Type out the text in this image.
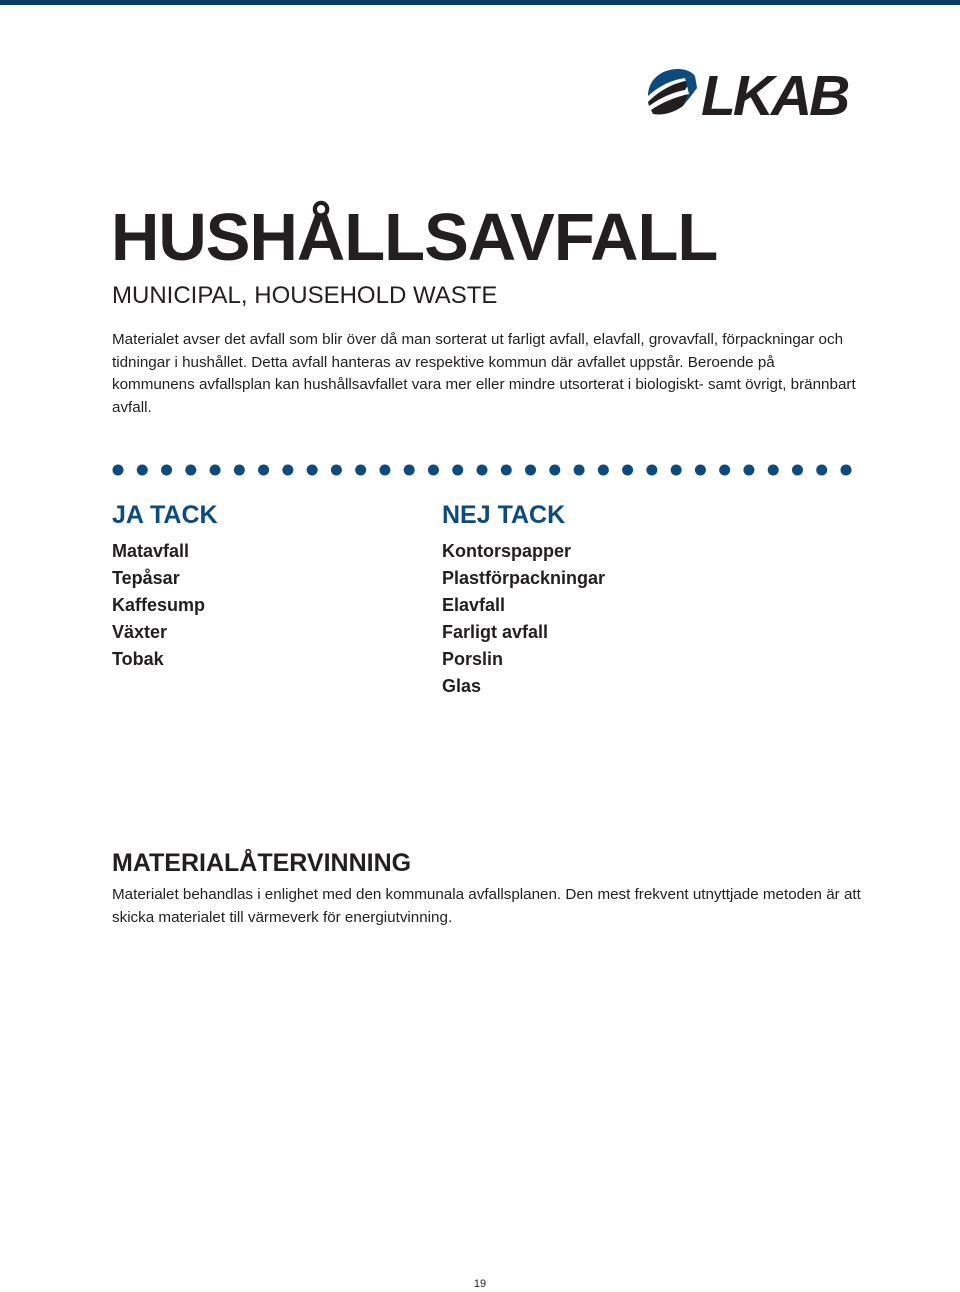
LKAB
HUSHÅLLSAVFALL
MUNICIPAL, HOUSEHOLD WASTE

Materialet avser det avfall som blir över då man sorterat ut farligt avfall, elavfall, grovavfall, förpackningar och tidningar i hushållet. Detta avfall hanteras av respektive kommun där avfallet uppstår. Beroende på kommunens avfallsplan kan hushållsavfallet vara mer eller mindre utsorterat i biologiskt- samt övrigt, brännbart avfall.

JA TACK
Matavfall
Tepåsar
Kaffesump
Växter
Tobak
NEJ TACK
Kontorspapper
Plastförpackningar
Elavfall
Farligt avfall
Porslin
Glas
MATERIALÅTERVINNING

Materialet behandlas i enlighet med den kommunala avfallsplanen. Den mest frekvent utnyttjade metoden är att skicka materialet till värmeverk för energiutvinning.

19
